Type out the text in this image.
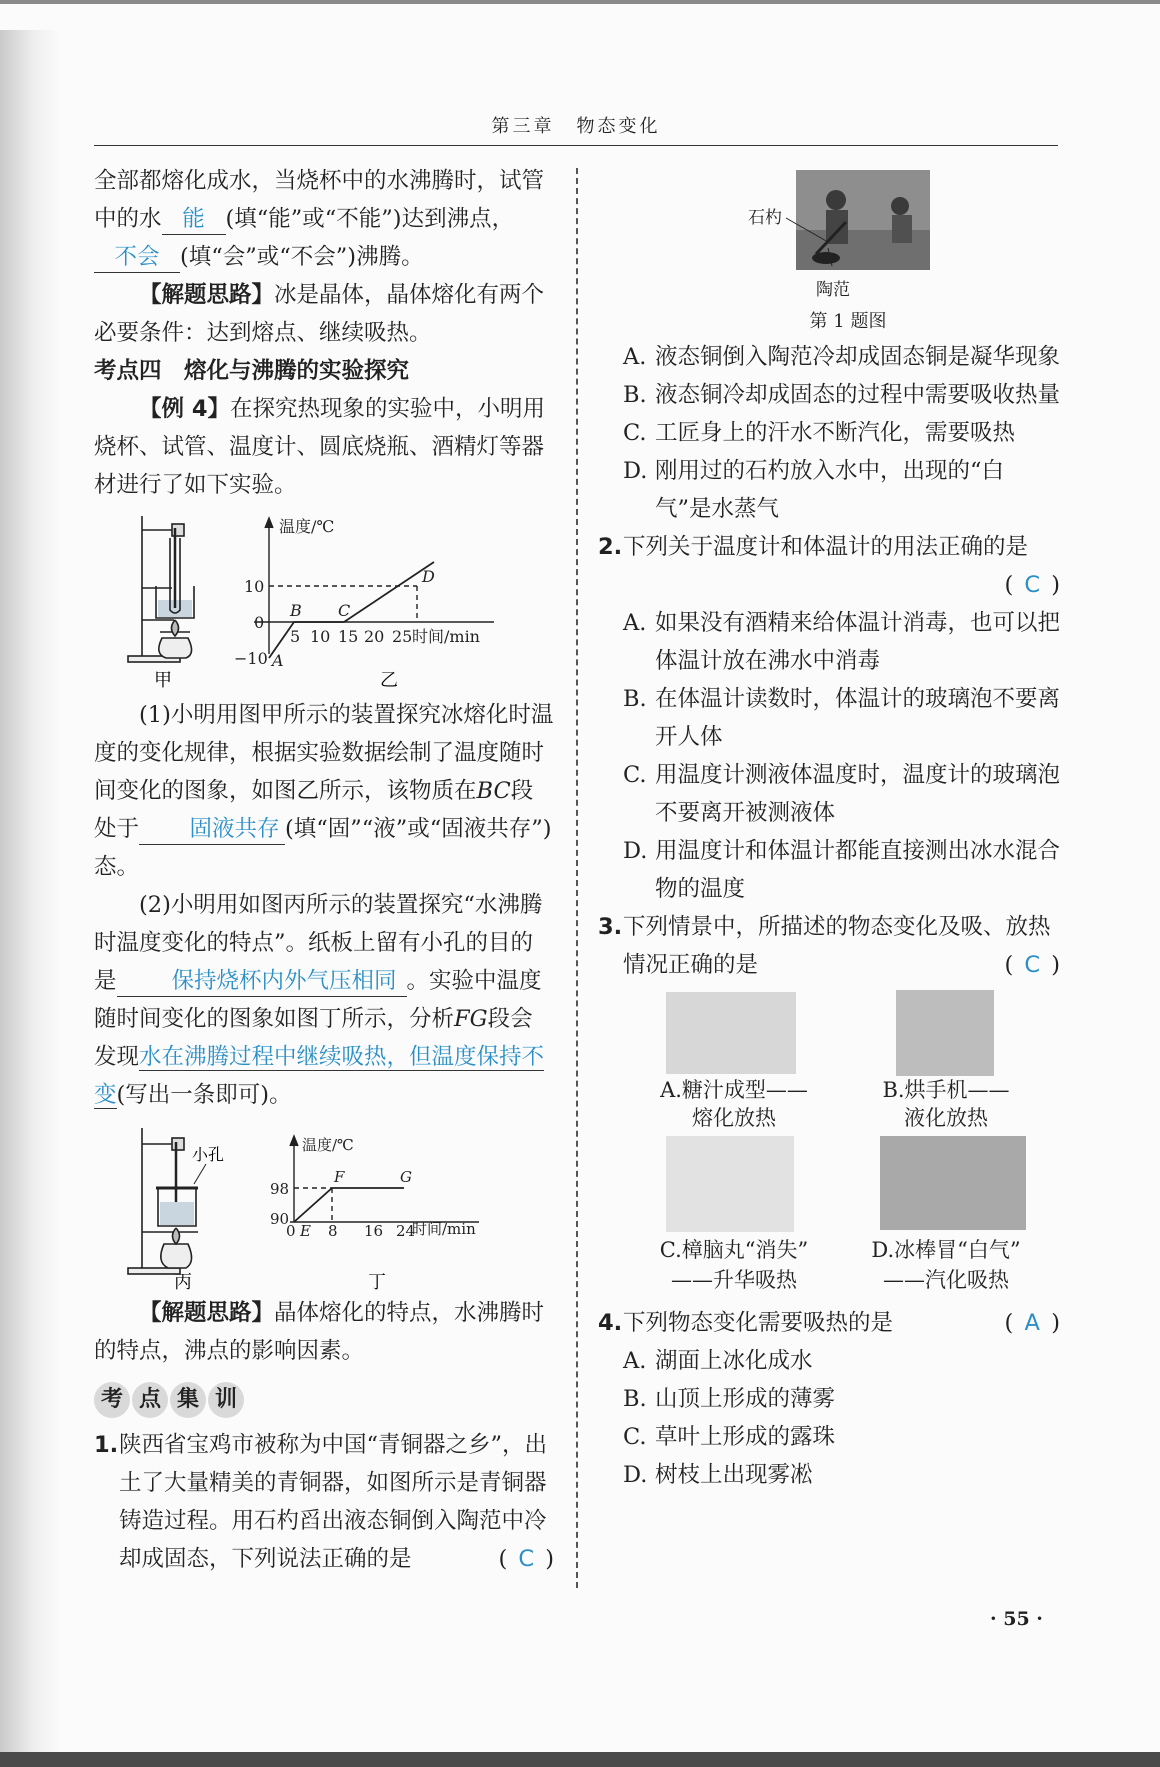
第三章 物态变化

全部都熔化成水，当烧杯中的水沸腾时，试管

中的水 能 (填“能”或“不能”)达到沸点，

不会 (填“会”或“不会”)沸腾。

【解题思路】冰是晶体，晶体熔化有两个必要条件：达到熔点、继续吸热。

考点四　熔化与沸腾的实验探究

【例 4】在探究热现象的实验中，小明用烧杯、试管、温度计、圆底烧瓶、酒精灯等器材进行了如下实验。

甲
温度/℃
时间/min
10
0
−10
5 10 15 20 25
A
B C
D
乙

(1)小明用图甲所示的装置探究冰熔化时温度的变化规律，根据实验数据绘制了温度随时间变化的图象，如图乙所示，该物质在BC段处于 固液共存 (填“固”“液”或“固液共存”)态。

(2)小明用如图丙所示的装置探究“水沸腾时温度变化的特点”。纸板上留有小孔的目的是 保持烧杯内外气压相同 。实验中温度随时间变化的图象如图丁所示，分析FG段会发现水在沸腾过程中继续吸热，但温度保持不变(写出一条即可)。

小孔
丙
温度/℃
时间/min
98
90
0 8 16 24
E
F	G
丁

【解题思路】晶体熔化的特点，水沸腾时的特点，沸点的影响因素。

考 点 集 训
1. 陕西省宝鸡市被称为中国“青铜器之乡”，出土了大量精美的青铜器，如图所示是青铜器铸造过程。用石杓舀出液态铜倒入陶范中冷却成固态，下列说法正确的是	( C )
石杓
陶范
第 1 题图
A. 液态铜倒入陶范冷却成固态铜是凝华现象
B. 液态铜冷却成固态的过程中需要吸收热量
C. 工匠身上的汗水不断汽化，需要吸热
D. 刚用过的石杓放入水中，出现的“白气”是水蒸气
2. 下列关于温度计和体温计的用法正确的是
( C )
A. 如果没有酒精来给体温计消毒，也可以把体温计放在沸水中消毒
B. 在体温计读数时，体温计的玻璃泡不要离开人体
C. 用温度计测液体温度时，温度计的玻璃泡不要离开被测液体
D. 用温度计和体温计都能直接测出冰水混合物的温度
3. 下列情景中，所描述的物态变化及吸、放热情况正确的是	( C )
A.糖汁成型——
熔化放热
B.烘手机——
液化放热
C.樟脑丸“消失”
——升华吸热
D.冰棒冒“白气”
——汽化吸热
4. 下列物态变化需要吸热的是	( A )
A. 湖面上冰化成水
B. 山顶上形成的薄雾
C. 草叶上形成的露珠
D. 树枝上出现雾凇
· 55 ·
